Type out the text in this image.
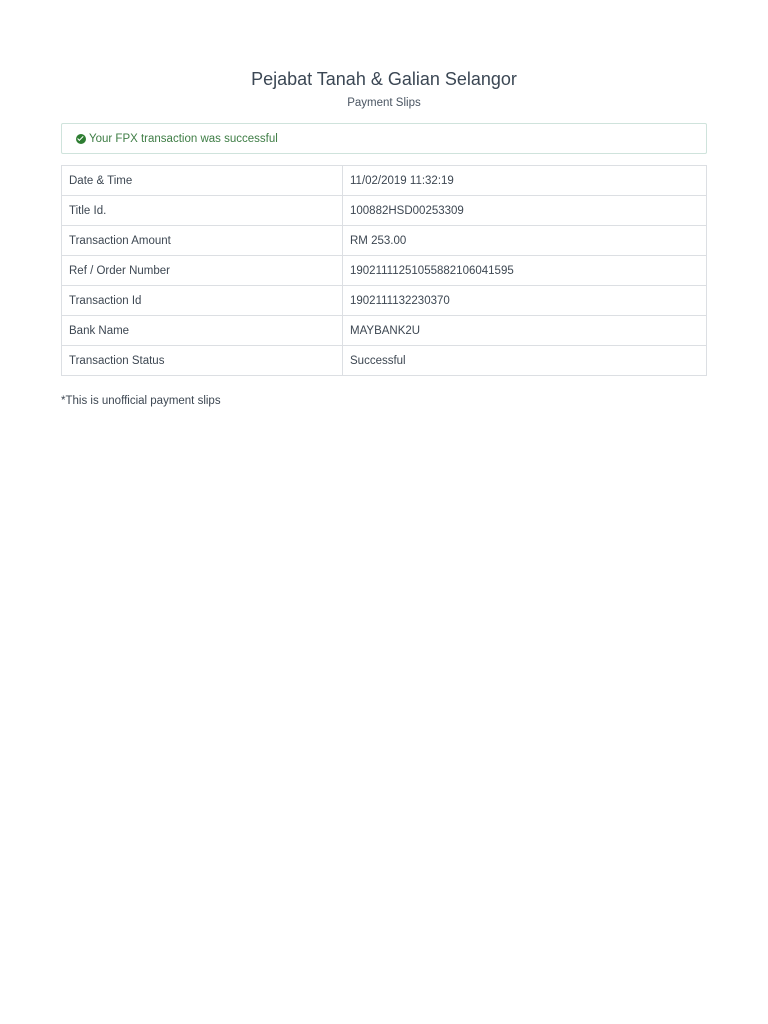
Pejabat Tanah & Galian Selangor
Payment Slips
Your FPX transaction was successful
Date & Time	11/02/2019 11:32:19
Title Id.	100882HSD00253309
Transaction Amount	RM 253.00
Ref / Order Number	1902111125105588210604159​5
Transaction Id	1902111132230370
Bank Name	MAYBANK2U
Transaction Status	Successful
*This is unofficial payment slips
